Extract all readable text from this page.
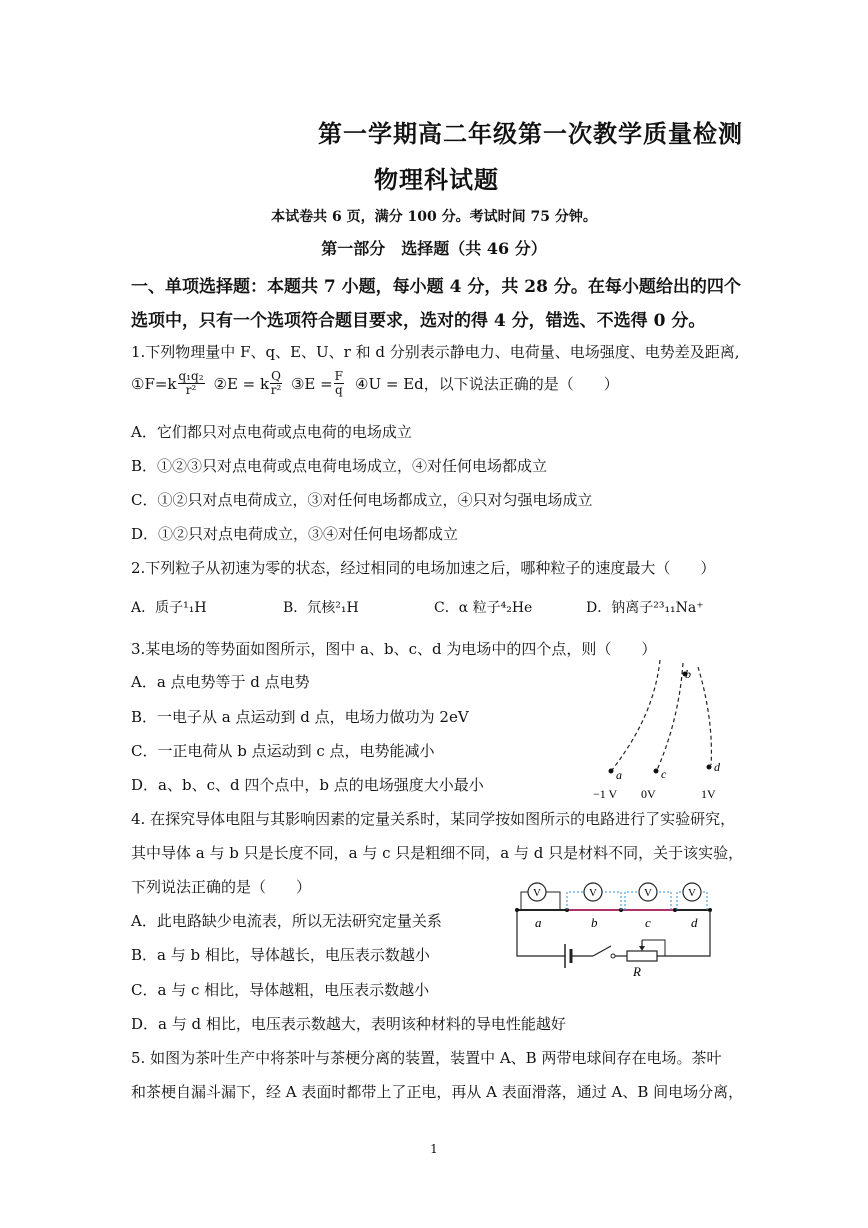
第一学期高二年级第一次教学质量检测
物理科试题
本试卷共 6 页，满分 100 分。考试时间 75 分钟。
第一部分　选择题（共 46 分）
一、单项选择题：本题共 7 小题，每小题 4 分，共 28 分。在每小题给出的四个
选项中，只有一个选项符合题目要求，选对的得 4 分，错选、不选得 0 分。
1.下列物理量中 F、q、E、U、r 和 d 分别表示静电力、电荷量、电场强度、电势差及距离,
①F=k $\frac{\text{q₁q₂}}{\text{r²}}$ ②E = k $\frac{Q}{\text{r²}}$ ③E = $\frac{F}{q}$ ④U = Ed ，以下说法正确的是（　　）
A．它们都只对点电荷或点电荷的电场成立
B．①②③只对点电荷或点电荷电场成立，④对任何电场都成立
C．①②只对点电荷成立，③对任何电场都成立，④只对匀强电场成立
D．①②只对点电荷成立，③④对任何电场都成立
2.下列粒子从初速为零的状态，经过相同的电场加速之后，哪种粒子的速度最大（　　）
A．质子¹₁H	B．氘核²₁H	C．α 粒子⁴₂He	D．钠离子²³₁₁Na⁺
3.某电场的等势面如图所示，图中 a、b、c、d 为电场中的四个点，则（　　）
A．a 点电势等于 d 点电势
B．一电子从 a 点运动到 d 点，电场力做功为 2eV
C．一正电荷从 b 点运动到 c 点，电势能减小
D．a、b、c、d 四个点中，b 点的电场强度大小最小
a	c
b
d
−1 V 0V	1V
4. 在探究导体电阻与其影响因素的定量关系时，某同学按如图所示的电路进行了实验研究，
其中导体 a 与 b 只是长度不同，a 与 c 只是粗细不同，a 与 d 只是材料不同，关于该实验，
下列说法正确的是（　　）
A．此电路缺少电流表，所以无法研究定量关系
B．a 与 b 相比，导体越长，电压表示数越小
C．a 与 c 相比，导体越粗，电压表示数越小
D．a 与 d 相比，电压表示数越大，表明该种材料的导电性能越好
V	V	V	V
a	b	c	d
R
5. 如图为茶叶生产中将茶叶与茶梗分离的装置，装置中 A、B 两带电球间存在电场。茶叶
和茶梗自漏斗漏下，经 A 表面时都带上了正电，再从 A 表面滑落，通过 A、B 间电场分离，
1
